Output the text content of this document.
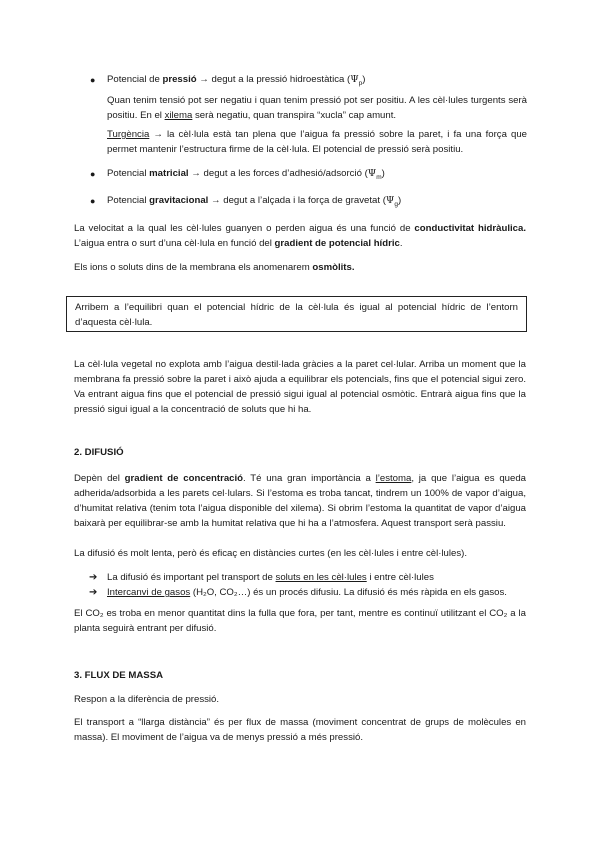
●	Potencial de pressió → degut a la pressió hidroestàtica $(\Psi_p)$
Quan tenim tensió pot ser negatiu i quan tenim pressió pot ser positiu. A les cèl·lules turgents serà positiu. En el xilema serà negatiu, quan transpira “xucla” cap amunt.
Turgència → la cèl·lula està tan plena que l’aigua fa pressió sobre la paret, i fa una força que permet mantenir l’estructura firme de la cèl·lula. El potencial de pressió serà positiu.
●	Potencial matricial → degut a les forces d’adhesió/adsorció $(\Psi_m)$
●	Potencial gravitacional → degut a l’alçada i la força de gravetat $(\Psi_g)$
La velocitat a la qual les cèl·lules guanyen o perden aigua és una funció de conductivitat hidràulica. L’aigua entra o surt d’una cèl·lula en funció del gradient de potencial hídric.
Els ions o soluts dins de la membrana els anomenarem osmòlits.
Arribem a l’equilibri quan el potencial hídric de la cèl·lula és igual al potencial hídric de l’entorn d’aquesta cèl·lula.
La cèl·lula vegetal no explota amb l’aigua destil·lada gràcies a la paret cel·lular. Arriba un moment que la membrana fa pressió sobre la paret i això ajuda a equilibrar els potencials, fins que el potencial sigui zero. Va entrant aigua fins que el potencial de pressió sigui igual al potencial osmòtic. Entrarà aigua fins que la pressió sigui igual a la concentració de soluts que hi ha.
2. DIFUSIÓ
Depèn del gradient de concentració. Té una gran importància a l’estoma, ja que l’aigua es queda adherida/adsorbida a les parets cel·lulars. Si l’estoma es troba tancat, tindrem un 100% de vapor d’aigua, d’humitat relativa (tenim tota l’aigua disponible del xilema). Si obrim l’estoma la quantitat de vapor d’aigua baixarà per equilibrar-se amb la humitat relativa que hi ha a l’atmosfera. Aquest transport serà passiu.
La difusió és molt lenta, però és eficaç en distàncies curtes (en les cèl·lules i entre cèl·lules).
➔ La difusió és important pel transport de soluts en les cèl·lules i entre cèl·lules
➔ Intercanvi de gasos (H₂O, CO₂…) és un procés difusiu. La difusió és més ràpida en els gasos.
El CO₂ es troba en menor quantitat dins la fulla que fora, per tant, mentre es continuï utilitzant el CO₂ a la planta seguirà entrant per difusió.
3. FLUX DE MASSA
Respon a la diferència de pressió.
El transport a “llarga distància” és per flux de massa (moviment concentrat de grups de molècules en massa). El moviment de l’aigua va de menys pressió a més pressió.
